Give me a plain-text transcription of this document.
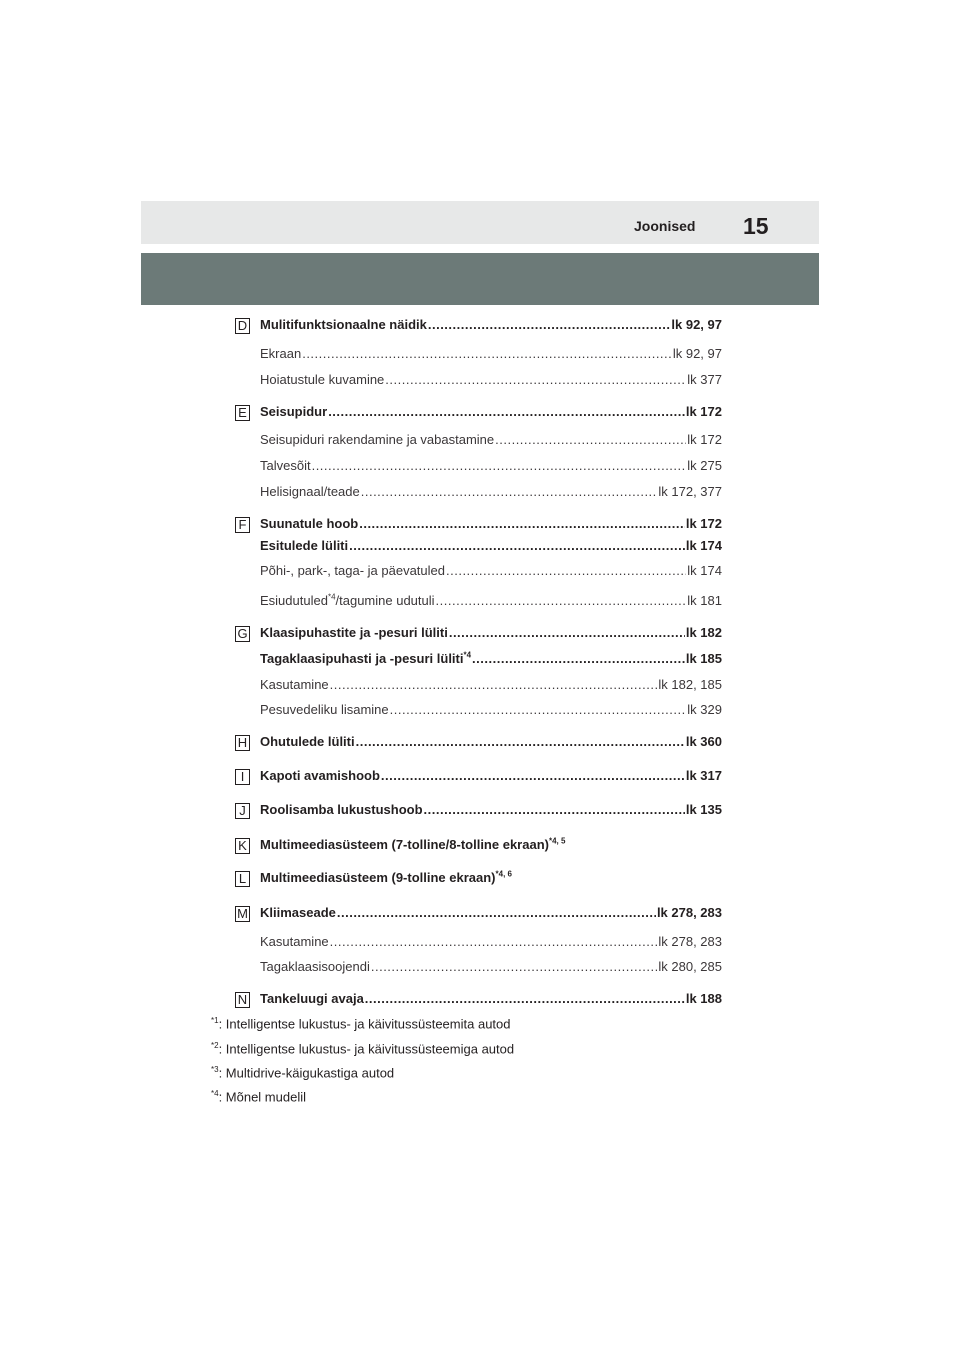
Joonised 15
D Mulitifunktsionaalne näidik .....	lk 92, 97
Ekraan .....	lk 92, 97
Hoiatustule kuvamine .....	lk 377
E Seisupidur .....	lk 172
Seisupiduri rakendamine ja vabastamine .....	lk 172
Talvesõit .....	lk 275
Helisignaal/teade .....	lk 172, 377
F Suunatule hoob .....	lk 172
Esitulede lüliti .....	lk 174
Põhi-, park-, taga- ja päevatuled .....	lk 174
Esiudutuled$^{*4}$/tagumine udutuli .....	lk 181
G Klaasipuhastite ja -pesuri lüliti .....	lk 182
Tagaklaasipuhasti ja -pesuri lüliti$^{*4}$ .....	lk 185
Kasutamine .....	lk 182, 185
Pesuvedeliku lisamine .....	lk 329
H Ohutulede lüliti .....	lk 360
I	Kapoti avamishoob .....	lk 317
J	Roolisamba lukustushoob .....	lk 135
K Multimeediasüsteem (7-tolline/8-tolline ekraan)$^{*4, 5}$
L Multimeediasüsteem (9-tolline ekraan)$^{*4, 6}$
M Kliimaseade .....	lk 278, 283
Kasutamine .....	lk 278, 283
Tagaklaasisoojendi .....	lk 280, 285
N Tankeluugi avaja .....	lk 188
$^{*1}$: Intelligentse lukustus- ja käivitussüsteemita autod
$^{*2}$: Intelligentse lukustus- ja käivitussüsteemiga autod
$^{*3}$: Multidrive-käigukastiga autod
$^{*4}$: Mõnel mudelil
